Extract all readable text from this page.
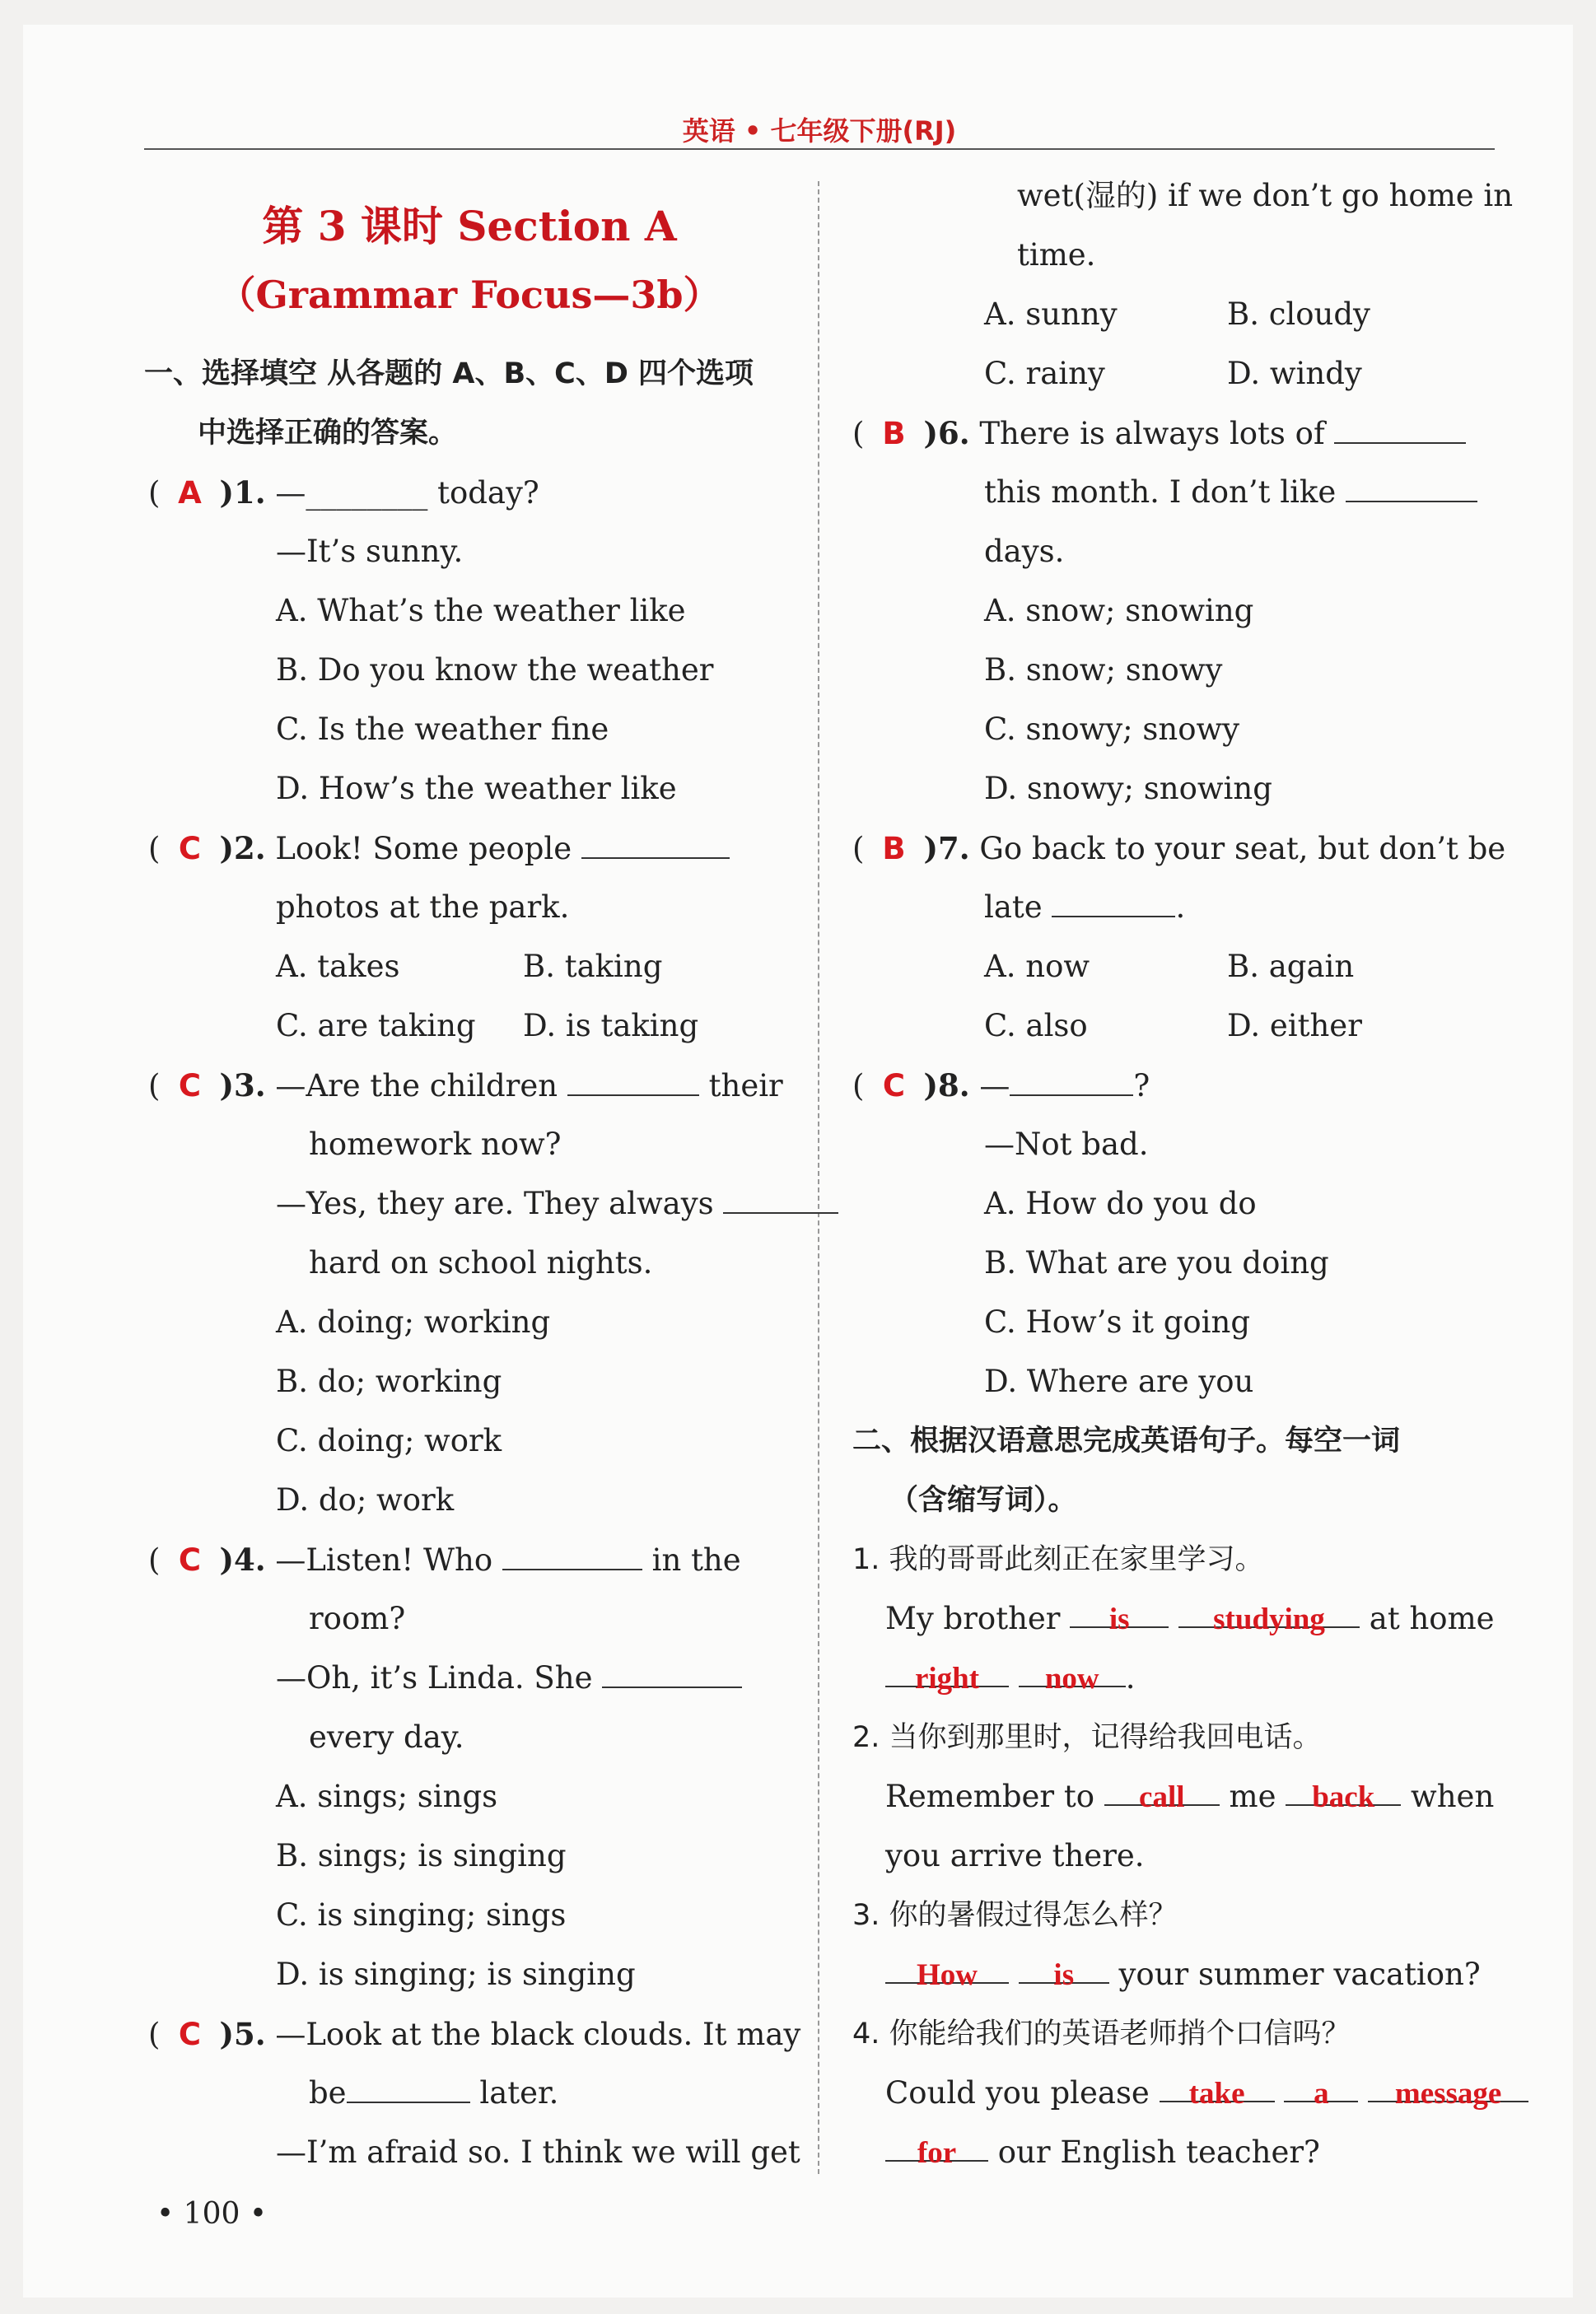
英语 • 七年级下册(RJ)
第 3 课时 Section A
（Grammar Focus—3b）
一、选择填空 从各题的 A、B、C、D 四个选项
中选择正确的答案。
( A )1. —________ today?
—It’s sunny.
A. What’s the weather like
B. Do you know the weather
C. Is the weather fine
D. How’s the weather like
( C )2. Look! Some people
photos at the park.
A. takes	B. taking
C. are taking D. is taking
( C )3. —Are the children	their
homework now?
—Yes, they are. They always
hard on school nights.
A. doing; working
B. do; working
C. doing; work
D. do; work
( C )4. —Listen! Who	in the
room?
—Oh, it’s Linda. She
every day.
A. sings; sings
B. sings; is singing
C. is singing; sings
D. is singing; is singing
( C )5. —Look at the black clouds. It may
be	later.
—I’m afraid so. I think we will get
wet(湿的) if we don’t go home in
time.
A. sunny	B. cloudy
C. rainy	D. windy
( B )6. There is always lots of
this month. I don’t like
days.
A. snow; snowing
B. snow; snowy
C. snowy; snowy
D. snowy; snowing
( B )7. Go back to your seat, but don’t be
late	.
A. now	B. again
C. also	D. either
( C )8. —	?
—Not bad.
A. How do you do
B. What are you doing
C. How’s it going
D. Where are you
二、根据汉语意思完成英语句子。每空一词
（含缩写词）。
1. 我的哥哥此刻正在家里学习。
My brother is	studying at home
right now .
2. 当你到那里时，记得给我回电话。
Remember to call me back when
you arrive there.
3. 你的暑假过得怎么样？
How is your summer vacation?
4. 你能给我们的英语老师捎个口信吗？
Could you please take a message
for our English teacher?
• 100 •
